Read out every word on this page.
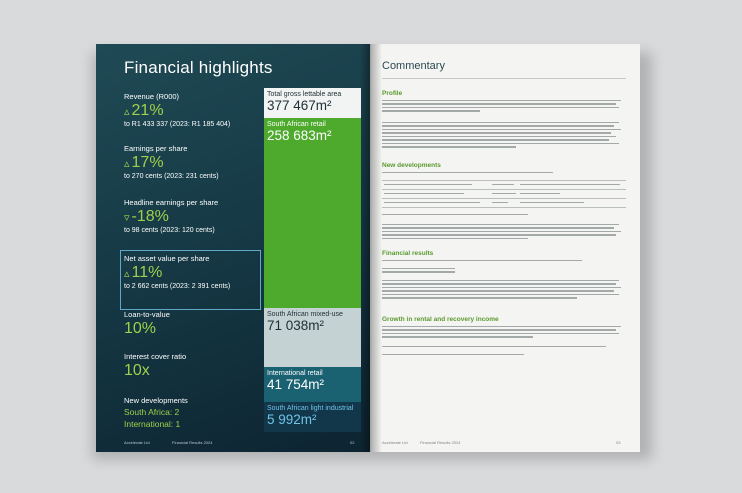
Financial highlights
Revenue (R000)
▵ 21%
to R1 433 337 (2023: R1 185 404)
Earnings per share
▵ 17%
to 270 cents (2023: 231 cents)
Headline earnings per share
▿ -18%
to 98 cents (2023: 120 cents)
Net asset value per share
▵ 11%
to 2 662 cents (2023: 2 391 cents)
Loan-to-value
10%
Interest cover ratio
10x
New developments
South Africa: 2
International: 1
Total gross lettable area
377 467m²
South African retail
258 683m²
South African mixed-use
71 038m²
International retail
41 754m²
South African light industrial
5 992m²
Accelerate Ltd	Financial Results 2024	02
Commentary
Profile
New developments
Financial results
Growth in rental and recovery income
Accelerate Ltd	Financial Results 2024	03
